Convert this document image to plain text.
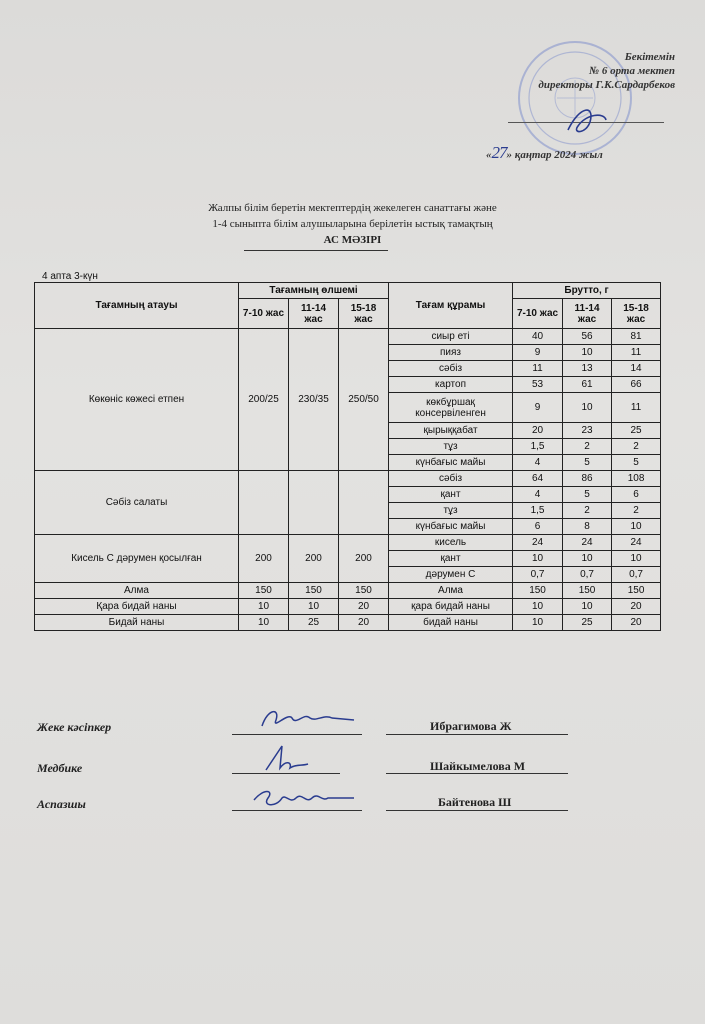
Бекітемін
№ 6 орта мектеп
директоры Г.К.Сардарбеков
«27» қаңтар 2024 жыл
Жалпы білім беретін мектептердің жекелеген санаттағы және
1-4 сыныпта білім алушыларына берілетін ыстық тамақтың
АС МӘЗІРІ
4 апта 3-күн
Тағамның атауы	Тағамның өлшемі			Тағам құрамы	Брутто, г		
	7-10 жас	11-14 жас	15-18 жас		7-10 жас	11-14 жас	15-18 жас
Көкөніс көжесі етпен	200/25	230/35	250/50	сиыр еті	40	56	81
				пияз	9	10	11
				сәбіз	11	13	14
				картоп	53	61	66
				көкбұршақ консервіленген	9	10	11
				қырыққабат	20	23	25
				тұз	1,5	2	2
				күнбағыс майы	4	5	5
Сәбіз салаты				сәбіз	64	86	108
				қант	4	5	6
				тұз	1,5	2	2
				күнбағыс майы	6	8	10
Кисель С дәрумен қосылған	200	200	200	кисель	24	24	24
				қант	10	10	10
				дәрумен С	0,7	0,7	0,7
Алма	150	150	150	Алма	150	150	150
Қара бидай наны	10	10	20	қара бидай наны	10	10	20
Бидай наны	10	25	20	бидай наны	10	25	20
Жеке кәсіпкер	Ибрагимова Ж
Медбике	Шайкымелова М
Аспазшы	Байтенова Ш
